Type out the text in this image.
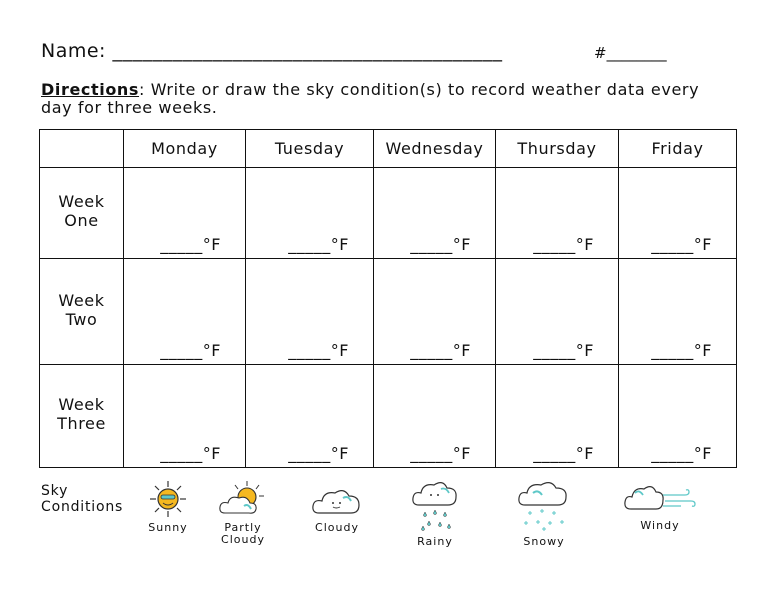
Name: _______________________________________	#________
Directions: Write or draw the sky condition(s) to record weather data every day for three weeks.
	Monday	Tuesday	Wednesday	Thursday	Friday

Week
One	_____°F	_____°F	_____°F	_____°F	_____°F

Week
Two	_____°F	_____°F	_____°F	_____°F	_____°F

Week
Three	_____°F	_____°F	_____°F	_____°F	_____°F
Sky
Conditions
Sunny	Partly
Cloudy
Cloudy
Rainy	Snowy
Windy
